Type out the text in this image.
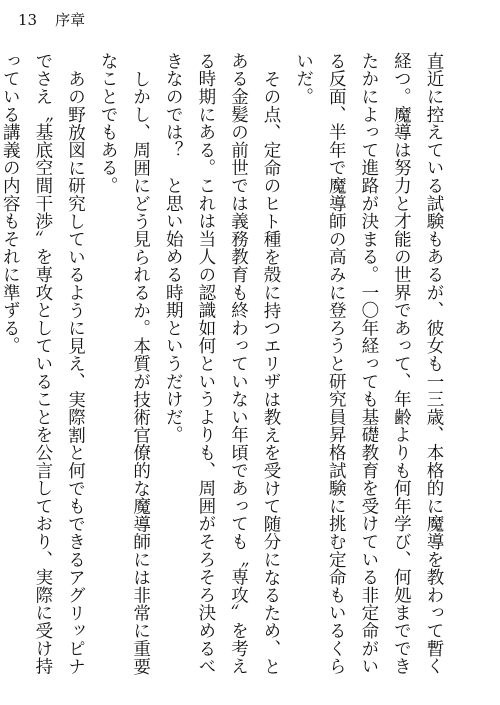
13 序章

直近に控えている試験もあるが、彼女も一三歳、本格的に魔導を教わって暫く経つ。魔導は努力と才能の世界であって、年齢よりも何年学び、何処までできたかによって進路が決まる。一〇年経っても基礎教育を受けている非定命がいる反面、半年で魔導師の高みに登ろうと研究員昇格試験に挑む定命もいるくらいだ。

その点、定命のヒト種を殻に持つエリザは教えを受けて随分になるため、とある金髪の前世では義務教育も終わっていない年頃であっても〝専攻〟を考える時期にある。これは当人の認識如何というよりも、周囲がそろそろ決めるべきなのでは？　と思い始める時期というだけだ。

しかし、周囲にどう見られるか。本質が技術官僚的な魔導師には非常に重要なことでもある。

あの野放図に研究しているように見え、実際割と何でもできるアグリッピナでさえ〝基底空間干渉〟を専攻としていることを公言しており、実際に受け持っている講義の内容もそれに準ずる。
